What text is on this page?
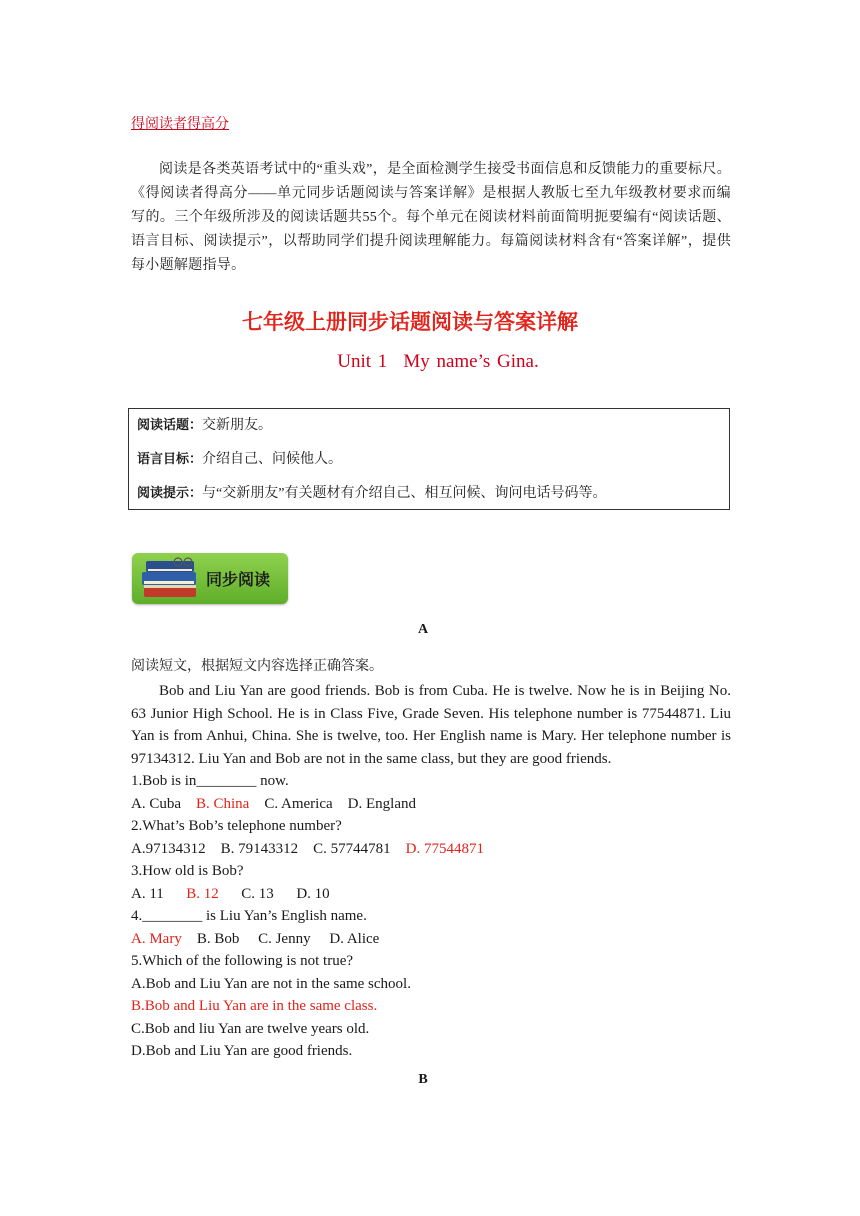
得阅读者得高分
阅读是各类英语考试中的“重头戏”，是全面检测学生接受书面信息和反馈能力的重要标尺。《得阅读者得高分——单元同步话题阅读与答案详解》是根据人教版七至九年级教材要求而编写的。三个年级所涉及的阅读话题共55个。每个单元在阅读材料前面简明扼要编有“阅读话题、语言目标、阅读提示”，以帮助同学们提升阅读理解能力。每篇阅读材料含有“答案详解”，提供每小题解题指导。
七年级上册同步话题阅读与答案详解
Unit 1 My name’s Gina.
阅读话题：交新朋友。
语言目标：介绍自己、问候他人。
阅读提示：与“交新朋友”有关题材有介绍自己、相互问候、询问电话号码等。
同步阅读
A
阅读短文，根据短文内容选择正确答案。
Bob and Liu Yan are good friends. Bob is from Cuba. He is twelve. Now he is in Beijing No. 63 Junior High School. He is in Class Five, Grade Seven. His telephone number is 77544871. Liu Yan is from Anhui, China. She is twelve, too. Her English name is Mary. Her telephone number is 97134312. Liu Yan and Bob are not in the same class, but they are good friends.
1.Bob is in________ now.
A. Cuba B. China C. America D. England
2.What’s Bob’s telephone number?
A.97134312 B. 79143312 C. 57744781 D. 77544871
3.How old is Bob?
A. 11 B. 12 C. 13 D. 10
4.________ is Liu Yan’s English name.
A. Mary B. Bob C. Jenny D. Alice
5.Which of the following is not true?
A.Bob and Liu Yan are not in the same school.
B.Bob and Liu Yan are in the same class.
C.Bob and liu Yan are twelve years old.
D.Bob and Liu Yan are good friends.
B
